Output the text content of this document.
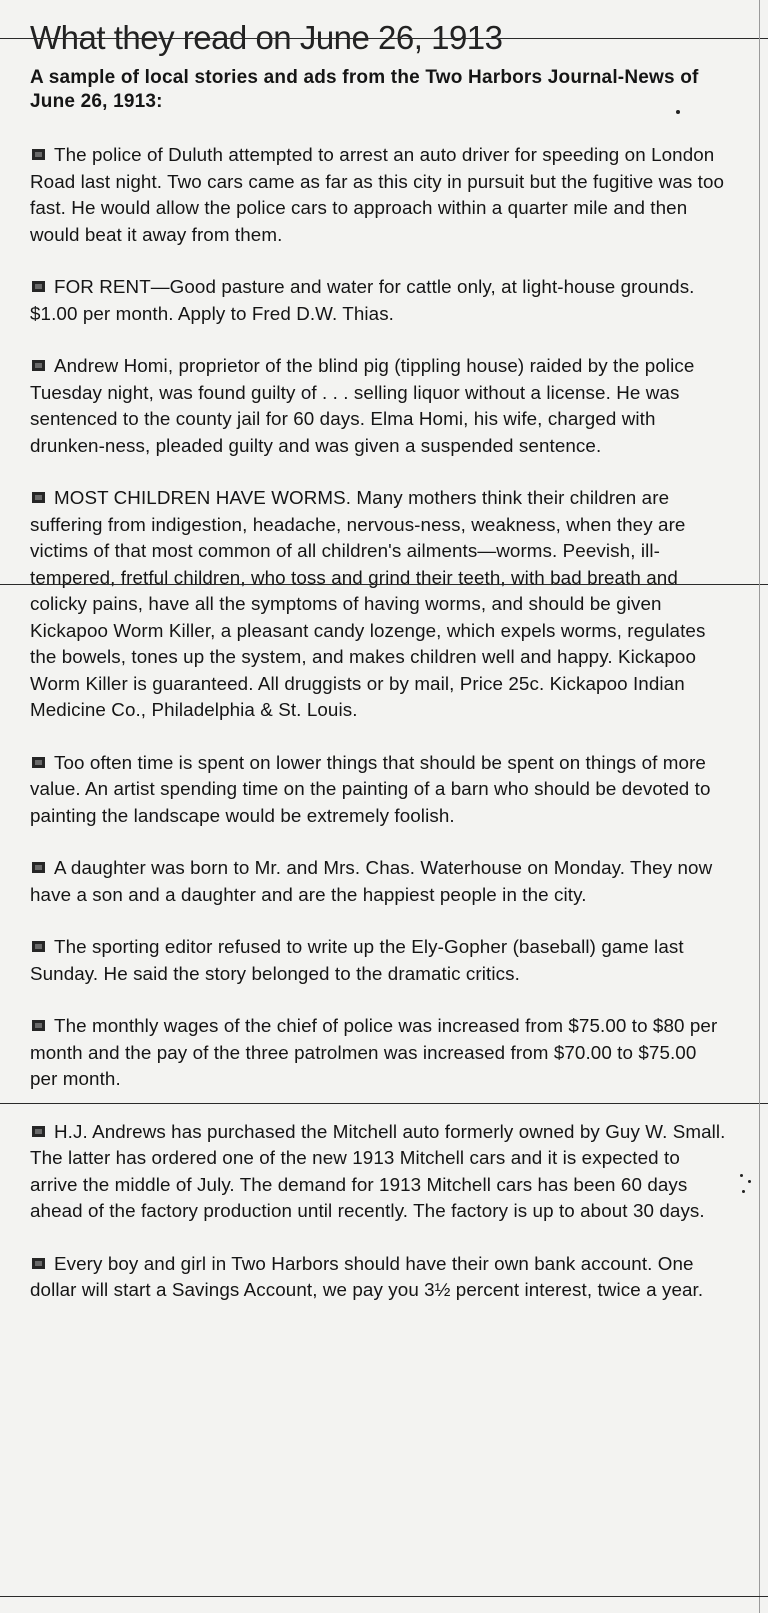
What they read on June 26, 1913

A sample of local stories and ads from the Two Harbors Journal-News of June 26, 1913:

The police of Duluth attempted to arrest an auto driver for speeding on London Road last night. Two cars came as far as this city in pursuit but the fugitive was too fast. He would allow the police cars to approach within a quarter mile and then would beat it away from them.

FOR RENT—Good pasture and water for cattle only, at light-house grounds. $1.00 per month. Apply to Fred D.W. Thias.

Andrew Homi, proprietor of the blind pig (tippling house) raided by the police Tuesday night, was found guilty of . . . selling liquor without a license. He was sentenced to the county jail for 60 days. Elma Homi, his wife, charged with drunken-ness, pleaded guilty and was given a suspended sentence.

MOST CHILDREN HAVE WORMS. Many mothers think their children are suffering from indigestion, headache, nervous-ness, weakness, when they are victims of that most common of all children's ailments—worms. Peevish, ill-tempered, fretful children, who toss and grind their teeth, with bad breath and colicky pains, have all the symptoms of having worms, and should be given Kickapoo Worm Killer, a pleasant candy lozenge, which expels worms, regulates the bowels, tones up the system, and makes children well and happy. Kickapoo Worm Killer is guaranteed. All druggists or by mail, Price 25c. Kickapoo Indian Medicine Co., Philadelphia & St. Louis.

Too often time is spent on lower things that should be spent on things of more value. An artist spending time on the painting of a barn who should be devoted to painting the landscape would be extremely foolish.

A daughter was born to Mr. and Mrs. Chas. Waterhouse on Monday. They now have a son and a daughter and are the happiest people in the city.

The sporting editor refused to write up the Ely-Gopher (baseball) game last Sunday. He said the story belonged to the dramatic critics.

The monthly wages of the chief of police was increased from $75.00 to $80 per month and the pay of the three patrolmen was increased from $70.00 to $75.00 per month.

H.J. Andrews has purchased the Mitchell auto formerly owned by Guy W. Small. The latter has ordered one of the new 1913 Mitchell cars and it is expected to arrive the middle of July. The demand for 1913 Mitchell cars has been 60 days ahead of the factory production until recently. The factory is up to about 30 days.

Every boy and girl in Two Harbors should have their own bank account. One dollar will start a Savings Account, we pay you 3½ percent interest, twice a year.
